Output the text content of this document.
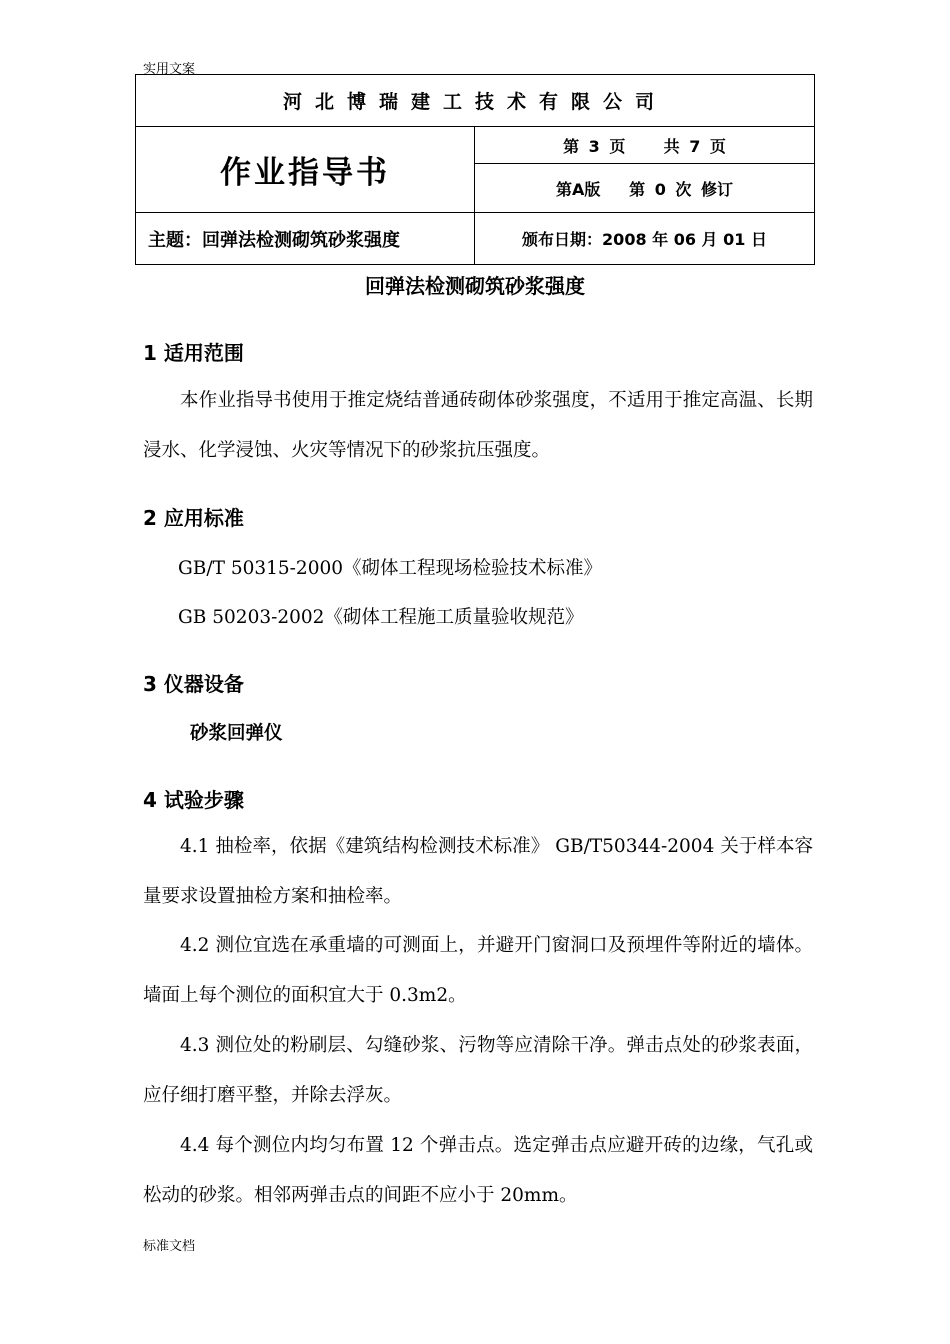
实用文案
河北博瑞建工技术有限公司	
作业指导书	第 3 页    共 7 页
	第A版   第 0 次 修订
主题：回弹法检测砌筑砂浆强度	颁布日期：2008 年 06 月 01 日
回弹法检测砌筑砂浆强度
1 适用范围

本作业指导书使用于推定烧结普通砖砌体砂浆强度，不适用于推定高温、长期浸水、化学浸蚀、火灾等情况下的砂浆抗压强度。

2 应用标准
GB/T 50315-2000《砌体工程现场检验技术标准》
GB 50203-2002《砌体工程施工质量验收规范》
3 仪器设备
砂浆回弹仪
4 试验步骤

4.1 抽检率，依据《建筑结构检测技术标准》 GB/T50344-2004 关于样本容量要求设置抽检方案和抽检率。

4.2 测位宜选在承重墙的可测面上，并避开门窗洞口及预埋件等附近的墙体。墙面上每个测位的面积宜大于 0.3m2。

4.3 测位处的粉刷层、勾缝砂浆、污物等应清除干净。弹击点处的砂浆表面，应仔细打磨平整，并除去浮灰。

4.4 每个测位内均匀布置 12 个弹击点。选定弹击点应避开砖的边缘，气孔或松动的砂浆。相邻两弹击点的间距不应小于 20mm。

标准文档
